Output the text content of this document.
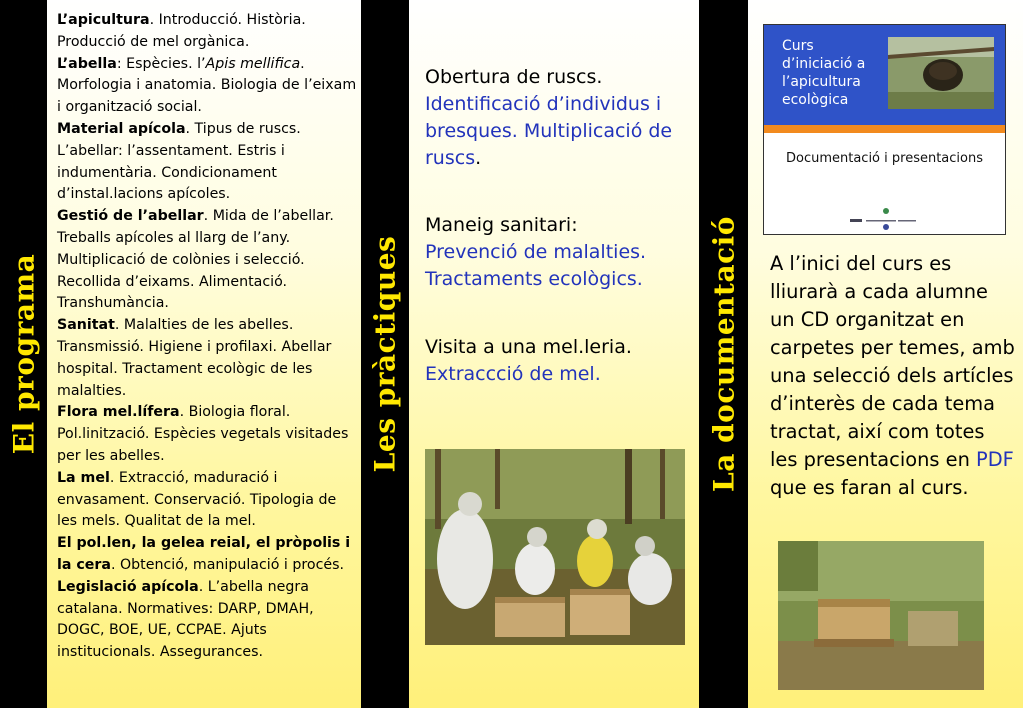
El programa
L’apicultura. Introducció. Història. Producció de mel orgànica.
L’abella: Espècies. l’Apis mellifica. Morfologia i anatomia. Biologia de l’eixam i organització social.
Material apícola. Tipus de ruscs. L’abellar: l’assentament. Estris i indumentària. Condicionament d’instal.lacions apícoles.
Gestió de l’abellar. Mida de l’abellar. Treballs apícoles al llarg de l’any. Multiplicació de colònies i selecció. Recollida d’eixams. Alimentació. Transhumància.
Sanitat. Malalties de les abelles. Transmissió. Higiene i profilaxi. Abellar hospital. Tractament ecològic de les malalties.
Flora mel.lífera. Biologia floral. Pol.linització. Espècies vegetals visitades per les abelles.
La mel. Extracció, maduració i envasament. Conservació. Tipologia de les mels. Qualitat de la mel.
El pol.len, la gelea reial, el pròpolis i la cera. Obtenció, manipulació i procés.
Legislació apícola. L’abella negra catalana. Normatives: DARP, DMAH, DOGC, BOE, UE, CCPAE. Ajuts institucionals. Assegurances.
Les pràctiques
Obertura de ruscs.
Identificació d’individus i bresques. Multiplicació de ruscs.
Maneig sanitari:
Prevenció de malalties. Tractaments ecològics.
Visita a una mel.leria.
Extraccció de mel.	La documentació
Curs d’iniciació a l’apicultura ecològica
Documentació i presentacions
A l’inici del curs es lliurarà a cada alumne un CD organitzat en carpetes per temes, amb una selecció dels artícles d’interès de cada tema tractat, així com totes les presentacions en PDF que es faran al curs.
